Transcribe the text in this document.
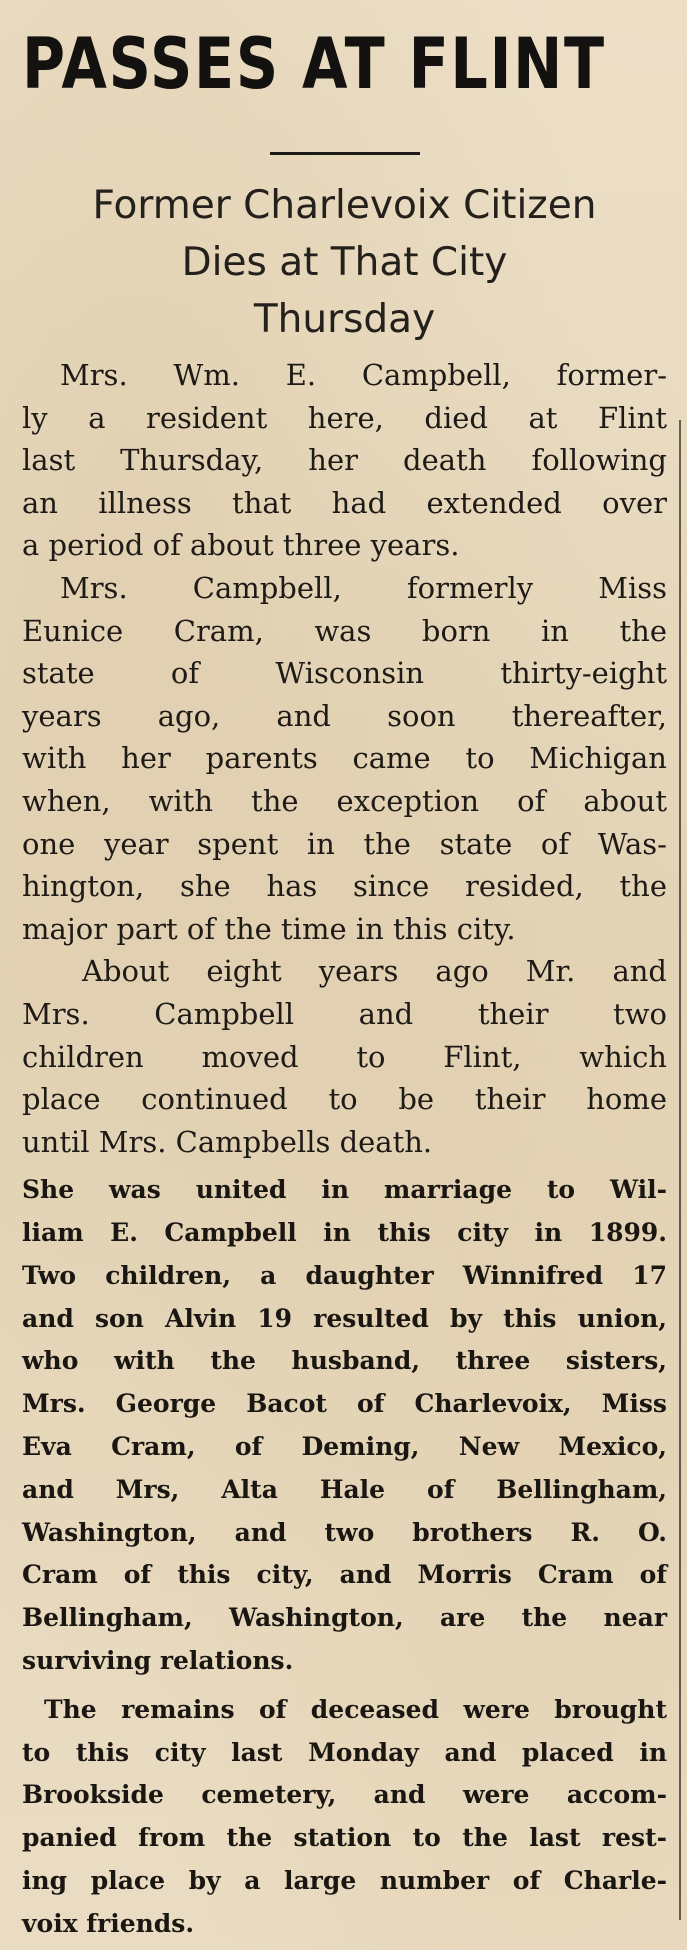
PASSES AT FLINT
Former Charlevoix Citizen
Dies at That City
Thursday
Mrs. Wm. E. Campbell, former-
ly a resident here, died at Flint
last Thursday, her death following
an illness that had extended over
a period of about three years.
Mrs. Campbell, formerly Miss
Eunice Cram, was born in the
state of Wisconsin thirty-eight
years ago, and soon thereafter,
with her parents came to Michigan
when, with the exception of about
one year spent in the state of Was-
hington, she has since resided, the
major part of the time in this city.
About eight years ago Mr. and
Mrs. Campbell and their two
children moved to Flint, which
place continued to be their home
until Mrs. Campbells death.
She was united in marriage to Wil-
liam E. Campbell in this city in 1899.
Two children, a daughter Winnifred 17
and son Alvin 19 resulted by this union,
who with the husband, three sisters,
Mrs. George Bacot of Charlevoix, Miss
Eva Cram, of Deming, New Mexico,
and Mrs, Alta Hale of Bellingham,
Washington, and two brothers R. O.
Cram of this city, and Morris Cram of
Bellingham, Washington, are the near
surviving relations.
The remains of deceased were brought
to this city last Monday and placed in
Brookside cemetery, and were accom-
panied from the station to the last rest-
ing place by a large number of Charle-
voix friends.
